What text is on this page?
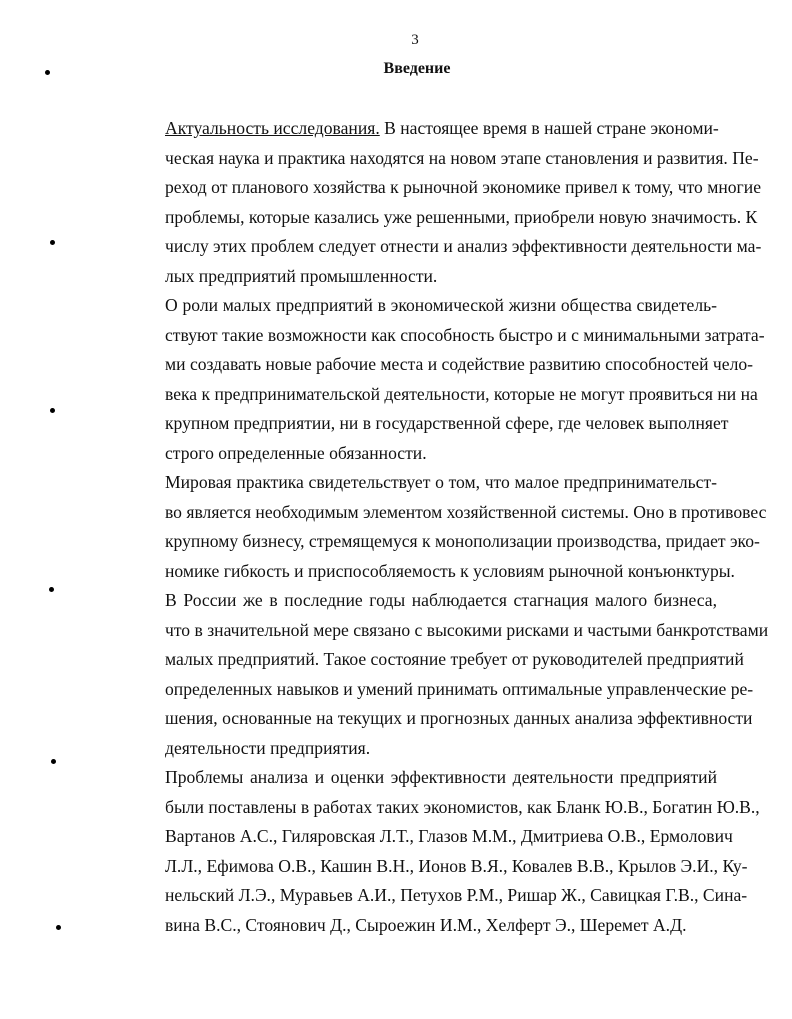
3
Введение
Актуальность исследования. В настоящее время в нашей стране экономи-
ческая наука и практика находятся на новом этапе становления и развития. Пе-
реход от планового хозяйства к рыночной экономике привел к тому, что многие
проблемы, которые казались уже решенными, приобрели новую значимость. К
числу этих проблем следует отнести и анализ эффективности деятельности ма-
лых предприятий промышленности.
О роли малых предприятий в экономической жизни общества свидетель-
ствуют такие возможности как способность быстро и с минимальными затрата-
ми создавать новые рабочие места и содействие развитию способностей чело-
века к предпринимательской деятельности, которые не могут проявиться ни на
крупном предприятии, ни в государственной сфере, где человек выполняет
строго определенные обязанности.
Мировая практика свидетельствует о том, что малое предпринимательст-
во является необходимым элементом хозяйственной системы. Оно в противовес
крупному бизнесу, стремящемуся к монополизации производства, придает эко-
номике гибкость и приспособляемость к условиям рыночной конъюнктуры.
В России же в последние годы наблюдается стагнация малого бизнеса,
что в значительной мере связано с высокими рисками и частыми банкротствами
малых предприятий. Такое состояние требует от руководителей предприятий
определенных навыков и умений принимать оптимальные управленческие ре-
шения, основанные на текущих и прогнозных данных анализа эффективности
деятельности предприятия.
Проблемы анализа и оценки эффективности деятельности предприятий
были поставлены в работах таких экономистов, как Бланк Ю.В., Богатин Ю.В.,
Вартанов А.С., Гиляровская Л.Т., Глазов М.М., Дмитриева О.В., Ермолович
Л.Л., Ефимова О.В., Кашин В.Н., Ионов В.Я., Ковалев В.В., Крылов Э.И., Ку-
нельский Л.Э., Муравьев А.И., Петухов Р.М., Ришар Ж., Савицкая Г.В., Сина-
вина В.С., Стоянович Д., Сыроежин И.М., Хелферт Э., Шеремет А.Д.
